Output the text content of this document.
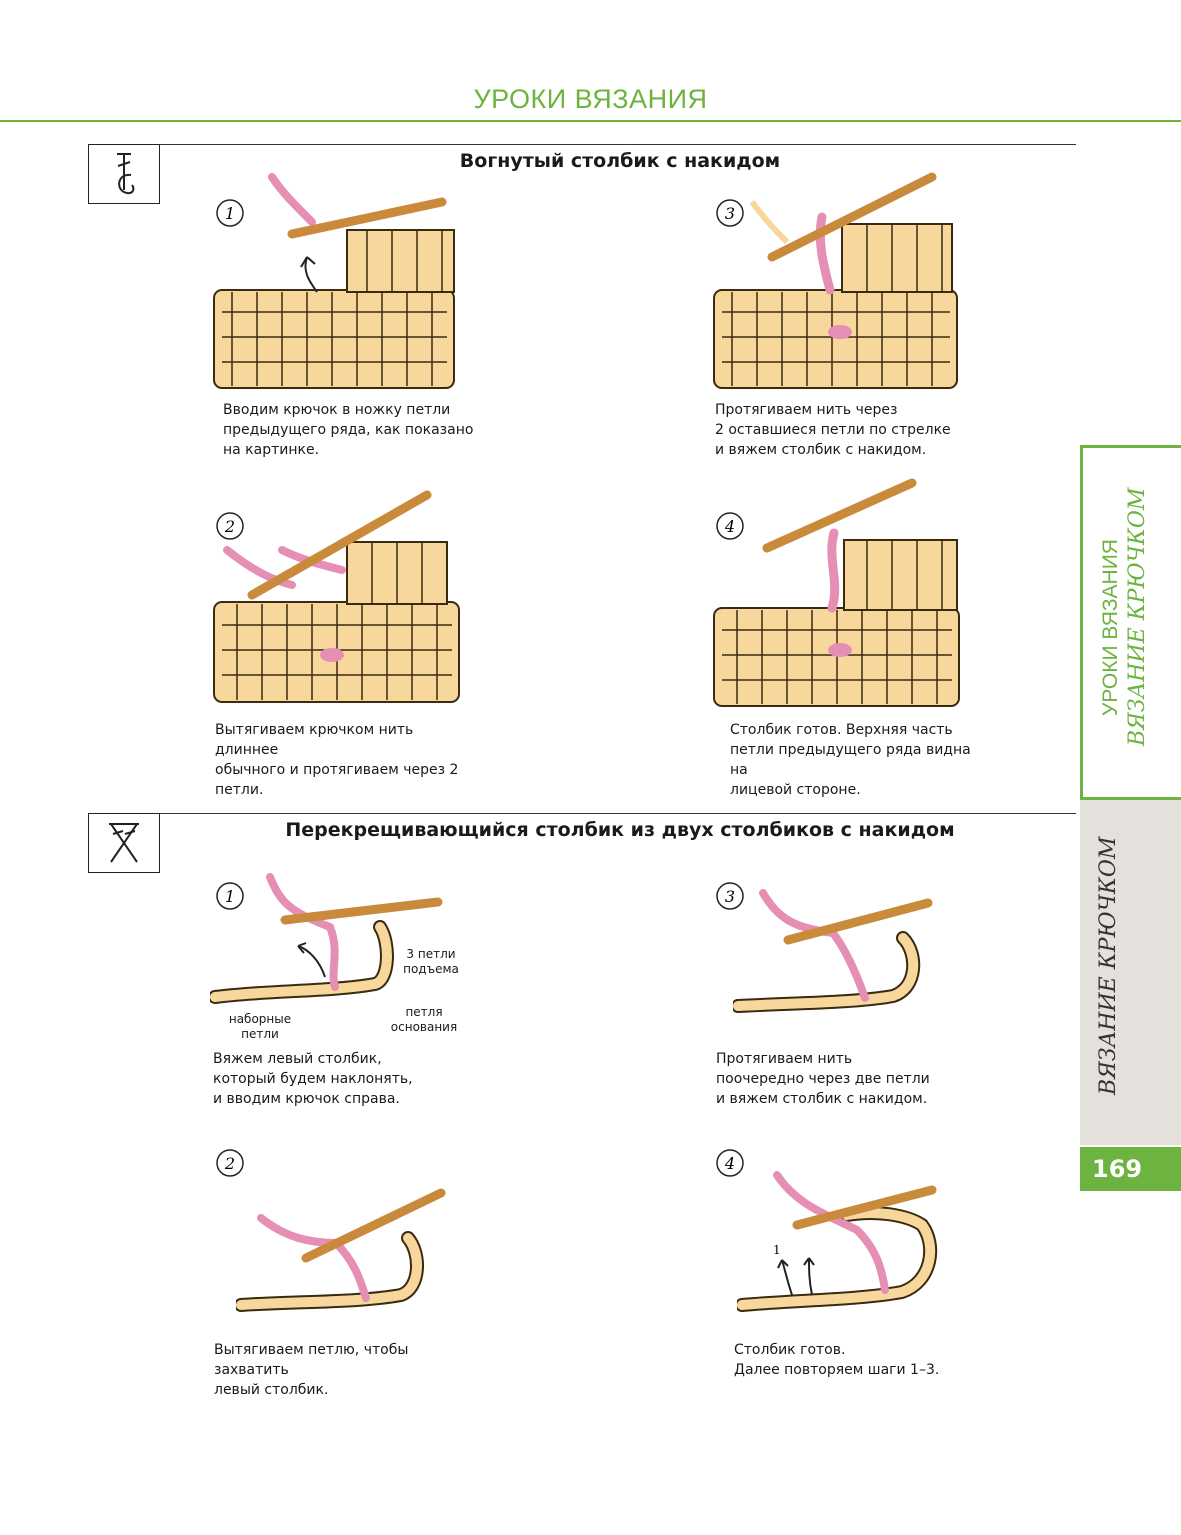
УРОКИ ВЯЗАНИЯ
УРОКИ ВЯЗАНИЯ ВЯЗАНИЕ КРЮЧКОМ
ВЯЗАНИЕ КРЮЧКОМ
169
Вогнутый столбик с накидом
1
Вводим крючок в ножку петли
предыдущего ряда, как показано
на картинке.
2
Вытягиваем крючком нить длиннее
обычного и протягиваем через 2
петли.
3
Протягиваем нить через
2 оставшиеся петли по стрелке
и вяжем столбик с накидом.
4
Столбик готов. Верхняя часть
петли предыдущего ряда видна на
лицевой стороне.
Перекрещивающийся столбик из двух столбиков с накидом
1
3 петли
подъема
наборные
петли
петля
основания
Вяжем левый столбик,
который будем наклонять,
и вводим крючок справа.
2
Вытягиваем петлю, чтобы захватить
левый столбик.
3
Протягиваем нить
поочередно через две петли
и вяжем столбик с накидом.
4
1
Столбик готов.
Далее повторяем шаги 1–3.
